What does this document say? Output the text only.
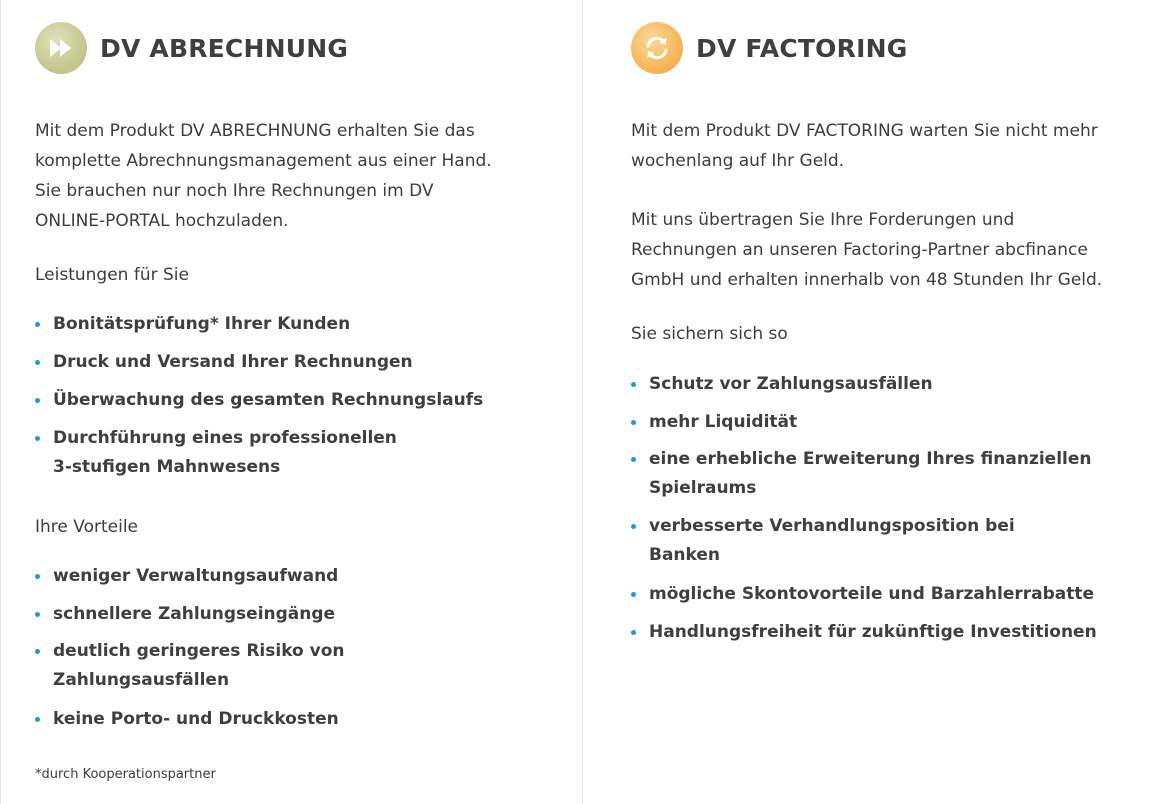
DV ABRECHNUNG

Mit dem Produkt DV ABRECHNUNG erhalten Sie das
komplette Abrechnungsmanagement aus einer Hand.
Sie brauchen nur noch Ihre Rechnungen im DV
ONLINE-PORTAL hochzuladen.

Leistungen für Sie
Bonitätsprüfung* Ihrer Kunden
Druck und Versand Ihrer Rechnungen
Überwachung des gesamten Rechnungslaufs
Durchführung eines professionellen
3-stufigen Mahnwesens
Ihre Vorteile
weniger Verwaltungsaufwand
schnellere Zahlungseingänge
deutlich geringeres Risiko von
Zahlungsausfällen
keine Porto- und Druckkosten
*durch Kooperationspartner
DV FACTORING

Mit dem Produkt DV FACTORING warten Sie nicht mehr
wochenlang auf Ihr Geld.

Mit uns übertragen Sie Ihre Forderungen und
Rechnungen an unseren Factoring-Partner abcfinance
GmbH und erhalten innerhalb von 48 Stunden Ihr Geld.

Sie sichern sich so
Schutz vor Zahlungsausfällen
mehr Liquidität
eine erhebliche Erweiterung Ihres finanziellen
Spielraums
verbesserte Verhandlungsposition bei
Banken
mögliche Skontovorteile und Barzahlerrabatte
Handlungsfreiheit für zukünftige Investitionen
